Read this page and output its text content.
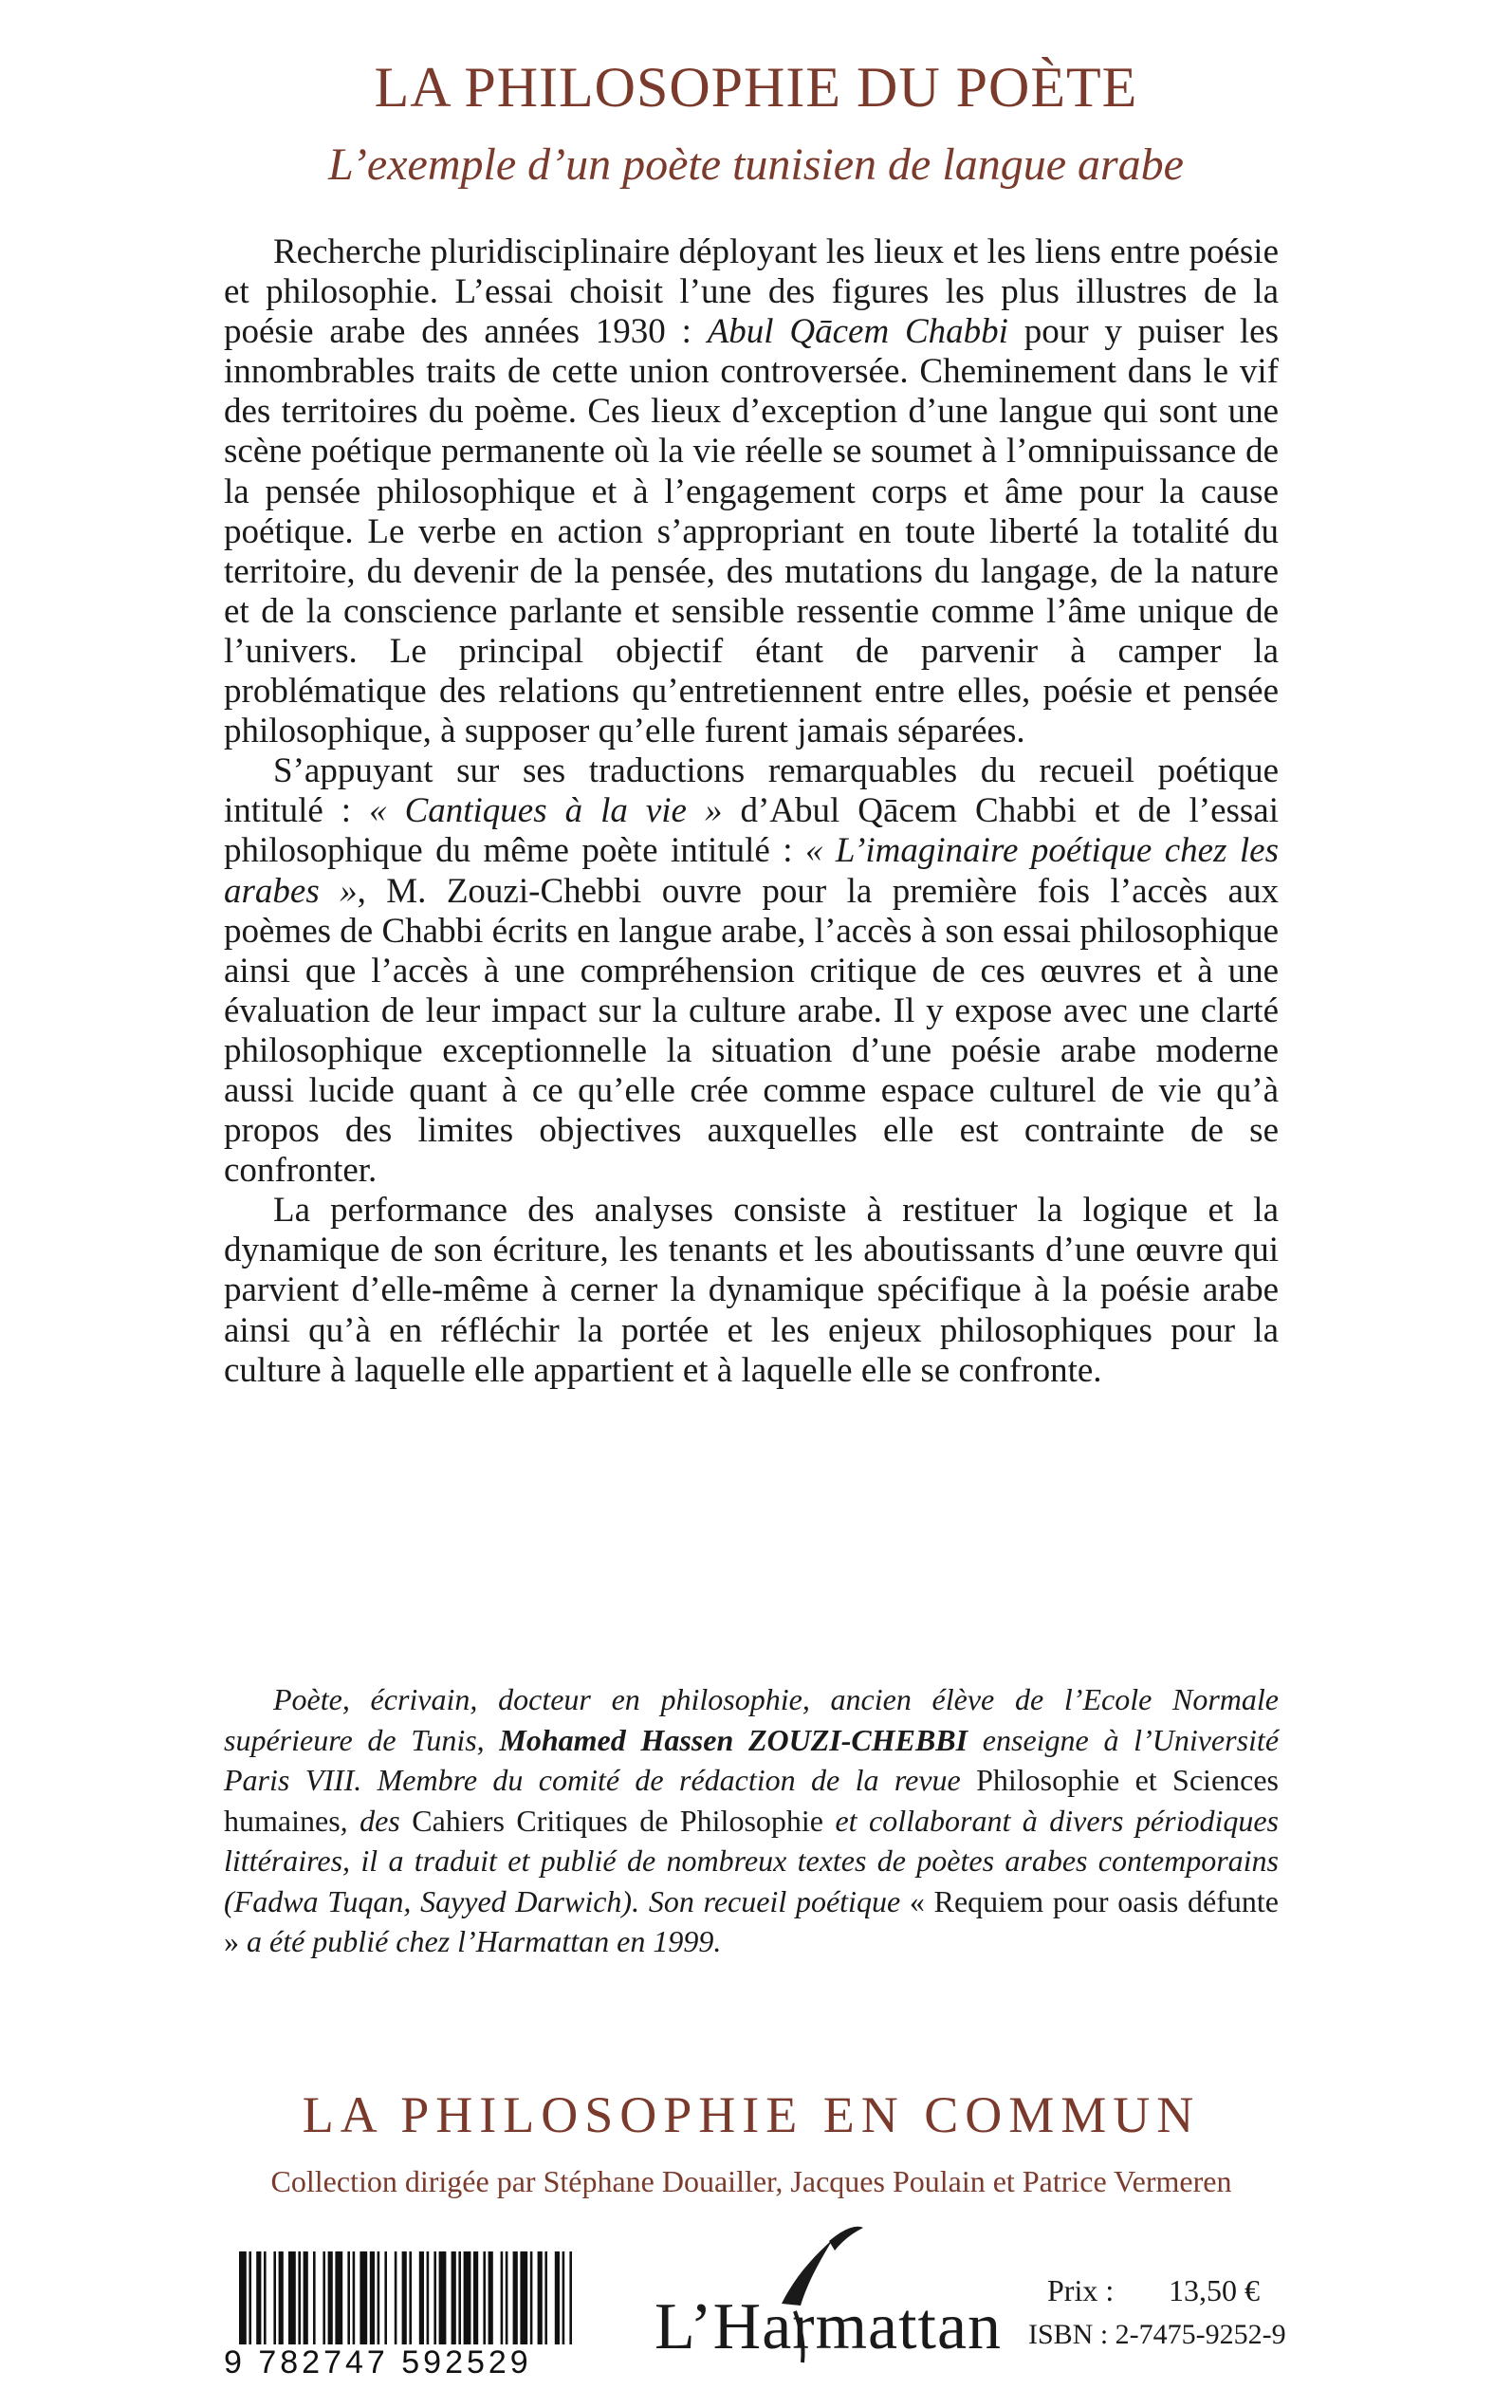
LA PHILOSOPHIE DU POÈTE
L’exemple d’un poète tunisien de langue arabe

Recherche pluridisciplinaire déployant les lieux et les liens entre poésie et philosophie. L’essai choisit l’une des figures les plus illustres de la poésie arabe des années 1930 : Abul Qācem Chabbi pour y puiser les innombrables traits de cette union controversée. Cheminement dans le vif des territoires du poème. Ces lieux d’exception d’une langue qui sont une scène poétique permanente où la vie réelle se soumet à l’omnipuissance de la pensée philosophique et à l’engagement corps et âme pour la cause poétique. Le verbe en action s’appropriant en toute liberté la totalité du territoire, du devenir de la pensée, des mutations du langage, de la nature et de la conscience parlante et sensible ressentie comme l’âme unique de l’univers. Le principal objectif étant de parvenir à camper la problématique des relations qu’entretiennent entre elles, poésie et pensée philosophique, à supposer qu’elle furent jamais séparées.

S’appuyant sur ses traductions remarquables du recueil poétique intitulé : « Cantiques à la vie » d’Abul Qācem Chabbi et de l’essai philosophique du même poète intitulé : « L’imaginaire poétique chez les arabes », M. Zouzi-Chebbi ouvre pour la première fois l’accès aux poèmes de Chabbi écrits en langue arabe, l’accès à son essai philosophique ainsi que l’accès à une compréhension critique de ces œuvres et à une évaluation de leur impact sur la culture arabe. Il y expose avec une clarté philosophique exceptionnelle la situation d’une poésie arabe moderne aussi lucide quant à ce qu’elle crée comme espace culturel de vie qu’à propos des limites objectives auxquelles elle est contrainte de se confronter.

La performance des analyses consiste à restituer la logique et la dynamique de son écriture, les tenants et les aboutissants d’une œuvre qui parvient d’elle-même à cerner la dynamique spécifique à la poésie arabe ainsi qu’à en réfléchir la portée et les enjeux philosophiques pour la culture à laquelle elle appartient et à laquelle elle se confronte.

Poète, écrivain, docteur en philosophie, ancien élève de l’Ecole Normale supérieure de Tunis, Mohamed Hassen ZOUZI-CHEBBI enseigne à l’Université Paris VIII. Membre du comité de rédaction de la revue Philosophie et Sciences humaines, des Cahiers Critiques de Philosophie et collaborant à divers périodiques littéraires, il a traduit et publié de nombreux textes de poètes arabes contemporains (Fadwa Tuqan, Sayyed Darwich). Son recueil poétique « Requiem pour oasis défunte » a été publié chez l’Harmattan en 1999.
LA PHILOSOPHIE EN COMMUN
Collection dirigée par Stéphane Douailler, Jacques Poulain et Patrice Vermeren
9 782747 592529	L’Harmattan Prix : 13,50 €
ISBN : 2-7475-9252-9
